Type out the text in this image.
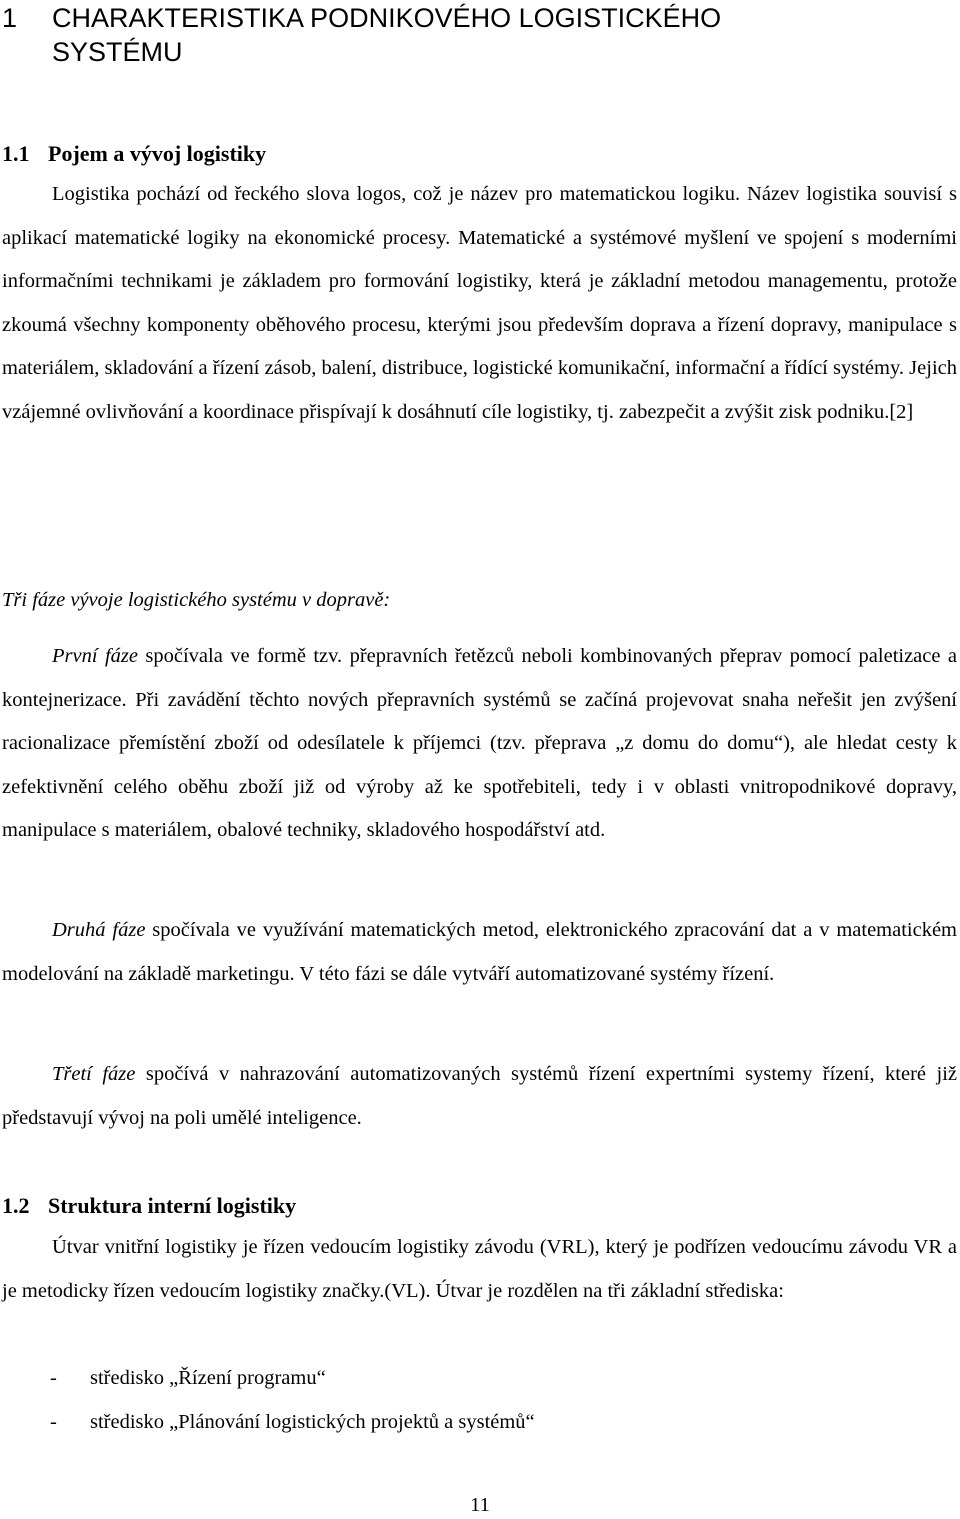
1 CHARAKTERISTIKA PODNIKOVÉHO LOGISTICKÉHO
SYSTÉMU
1.1 Pojem a vývoj logistiky

Logistika pochází od řeckého slova logos, což je název pro matematickou logiku. Název logistika souvisí s aplikací matematické logiky na ekonomické procesy. Matematické a systémové myšlení ve spojení s moderními informačními technikami je základem pro formování logistiky, která je základní metodou managementu, protože zkoumá všechny komponenty oběhového procesu, kterými jsou především doprava a řízení dopravy, manipulace s materiálem, skladování a řízení zásob, balení, distribuce, logistické komunikační, informační a řídící systémy. Jejich vzájemné ovlivňování a koordinace přispívají k dosáhnutí cíle logistiky, tj. zabezpečit a zvýšit zisk podniku.[2]

Tři fáze vývoje logistického systému v dopravě:

První fáze spočívala ve formě tzv. přepravních řetězců neboli kombinovaných přeprav pomocí paletizace a kontejnerizace. Při zavádění těchto nových přepravních systémů se začíná projevovat snaha neřešit jen zvýšení racionalizace přemístění zboží od odesílatele k příjemci (tzv. přeprava „z domu do domu“), ale hledat cesty k zefektivnění celého oběhu zboží již od výroby až ke spotřebiteli, tedy i v oblasti vnitropodnikové dopravy, manipulace s materiálem, obalové techniky, skladového hospodářství atd.

Druhá fáze spočívala ve využívání matematických metod, elektronického zpracování dat a v matematickém modelování na základě marketingu. V této fázi se dále vytváří automatizované systémy řízení.

Třetí fáze spočívá v nahrazování automatizovaných systémů řízení expertními systemy řízení, které již představují vývoj na poli umělé inteligence.

1.2 Struktura interní logistiky

Útvar vnitřní logistiky je řízen vedoucím logistiky závodu (VRL), který je podřízen vedoucímu závodu VR a je metodicky řízen vedoucím logistiky značky.(VL). Útvar je rozdělen na tři základní střediska:

- středisko „Řízení programu“
- středisko „Plánování logistických projektů a systémů“

11
